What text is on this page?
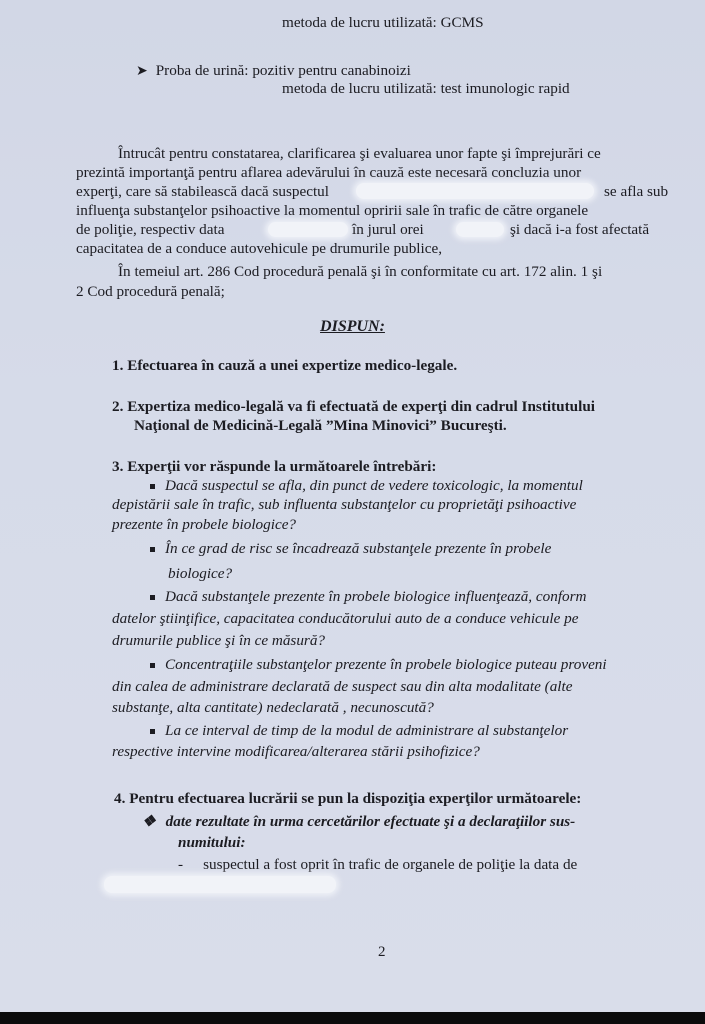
metoda de lucru utilizată: GCMS
➤ Proba de urină: pozitiv pentru canabinoizi
metoda de lucru utilizată: test imunologic rapid
Întrucât pentru constatarea, clarificarea şi evaluarea unor fapte şi împrejurări ce
prezintă importanţă pentru aflarea adevărului în cauză este necesară concluzia unor
experţi, care să stabilească dacă suspectul	se afla sub
influenţa substanţelor psihoactive la momentul opririi sale în trafic de către organele
de poliţie, respectiv data	în jurul orei	şi dacă i-a fost afectată
capacitatea de a conduce autovehicule pe drumurile publice,
În temeiul art. 286 Cod procedură penală şi în conformitate cu art. 172 alin. 1 şi
2 Cod procedură penală;
DISPUN:
1. Efectuarea în cauză a unei expertize medico-legale.
2. Expertiza medico-legală va fi efectuată de experţi din cadrul Institutului
Naţional de Medicină-Legală ”Mina Minovici” Bucureşti.
3. Experţii vor răspunde la următoarele întrebări:
Dacă suspectul se afla, din punct de vedere toxicologic, la momentul
depistării sale în trafic, sub influenta substanţelor cu proprietăţi psihoactive
prezente în probele biologice?
În ce grad de risc se încadrează substanţele prezente în probele
biologice?
Dacă substanţele prezente în probele biologice influenţează, conform
datelor ştiinţifice, capacitatea conducătorului auto de a conduce vehicule pe
drumurile publice şi în ce măsură?
Concentraţiile substanţelor prezente în probele biologice puteau proveni
din calea de administrare declarată de suspect sau din alta modalitate (alte
substanţe, alta cantitate) nedeclarată , necunoscută?
La ce interval de timp de la modul de administrare al substanţelor
respective intervine modificarea/alterarea stării psihofizice?
4. Pentru efectuarea lucrării se pun la dispoziţia experţilor următoarele:
❖ date rezultate în urma cercetărilor efectuate şi a declaraţiilor sus-
numitului:
- suspectul a fost oprit în trafic de organele de poliţie la data de
2
